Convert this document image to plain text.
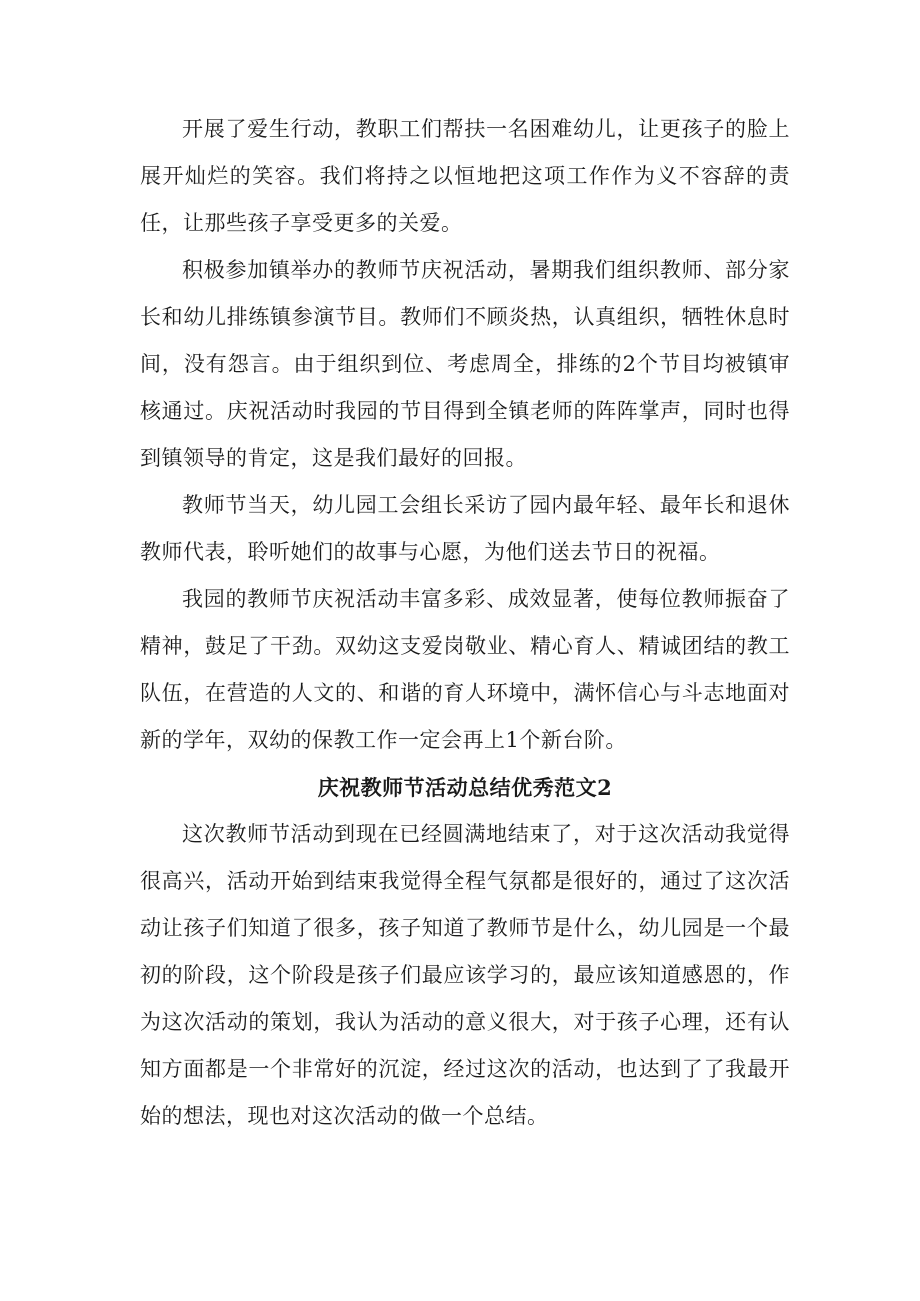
开展了爱生行动，教职工们帮扶一名困难幼儿，让更孩子的脸上展开灿烂的笑容。我们将持之以恒地把这项工作作为义不容辞的责任，让那些孩子享受更多的关爱。

积极参加镇举办的教师节庆祝活动，暑期我们组织教师、部分家长和幼儿排练镇参演节目。教师们不顾炎热，认真组织，牺牲休息时间，没有怨言。由于组织到位、考虑周全，排练的2个节目均被镇审核通过。庆祝活动时我园的节目得到全镇老师的阵阵掌声，同时也得到镇领导的肯定，这是我们最好的回报。

教师节当天，幼儿园工会组长采访了园内最年轻、最年长和退休教师代表，聆听她们的故事与心愿，为他们送去节日的祝福。

我园的教师节庆祝活动丰富多彩、成效显著，使每位教师振奋了精神，鼓足了干劲。双幼这支爱岗敬业、精心育人、精诚团结的教工队伍，在营造的人文的、和谐的育人环境中，满怀信心与斗志地面对新的学年，双幼的保教工作一定会再上1个新台阶。

庆祝教师节活动总结优秀范文2

这次教师节活动到现在已经圆满地结束了，对于这次活动我觉得很高兴，活动开始到结束我觉得全程气氛都是很好的，通过了这次活动让孩子们知道了很多，孩子知道了教师节是什么，幼儿园是一个最初的阶段，这个阶段是孩子们最应该学习的，最应该知道感恩的，作为这次活动的策划，我认为活动的意义很大，对于孩子心理，还有认知方面都是一个非常好的沉淀，经过这次的活动，也达到了了我最开始的想法，现也对这次活动的做一个总结。
